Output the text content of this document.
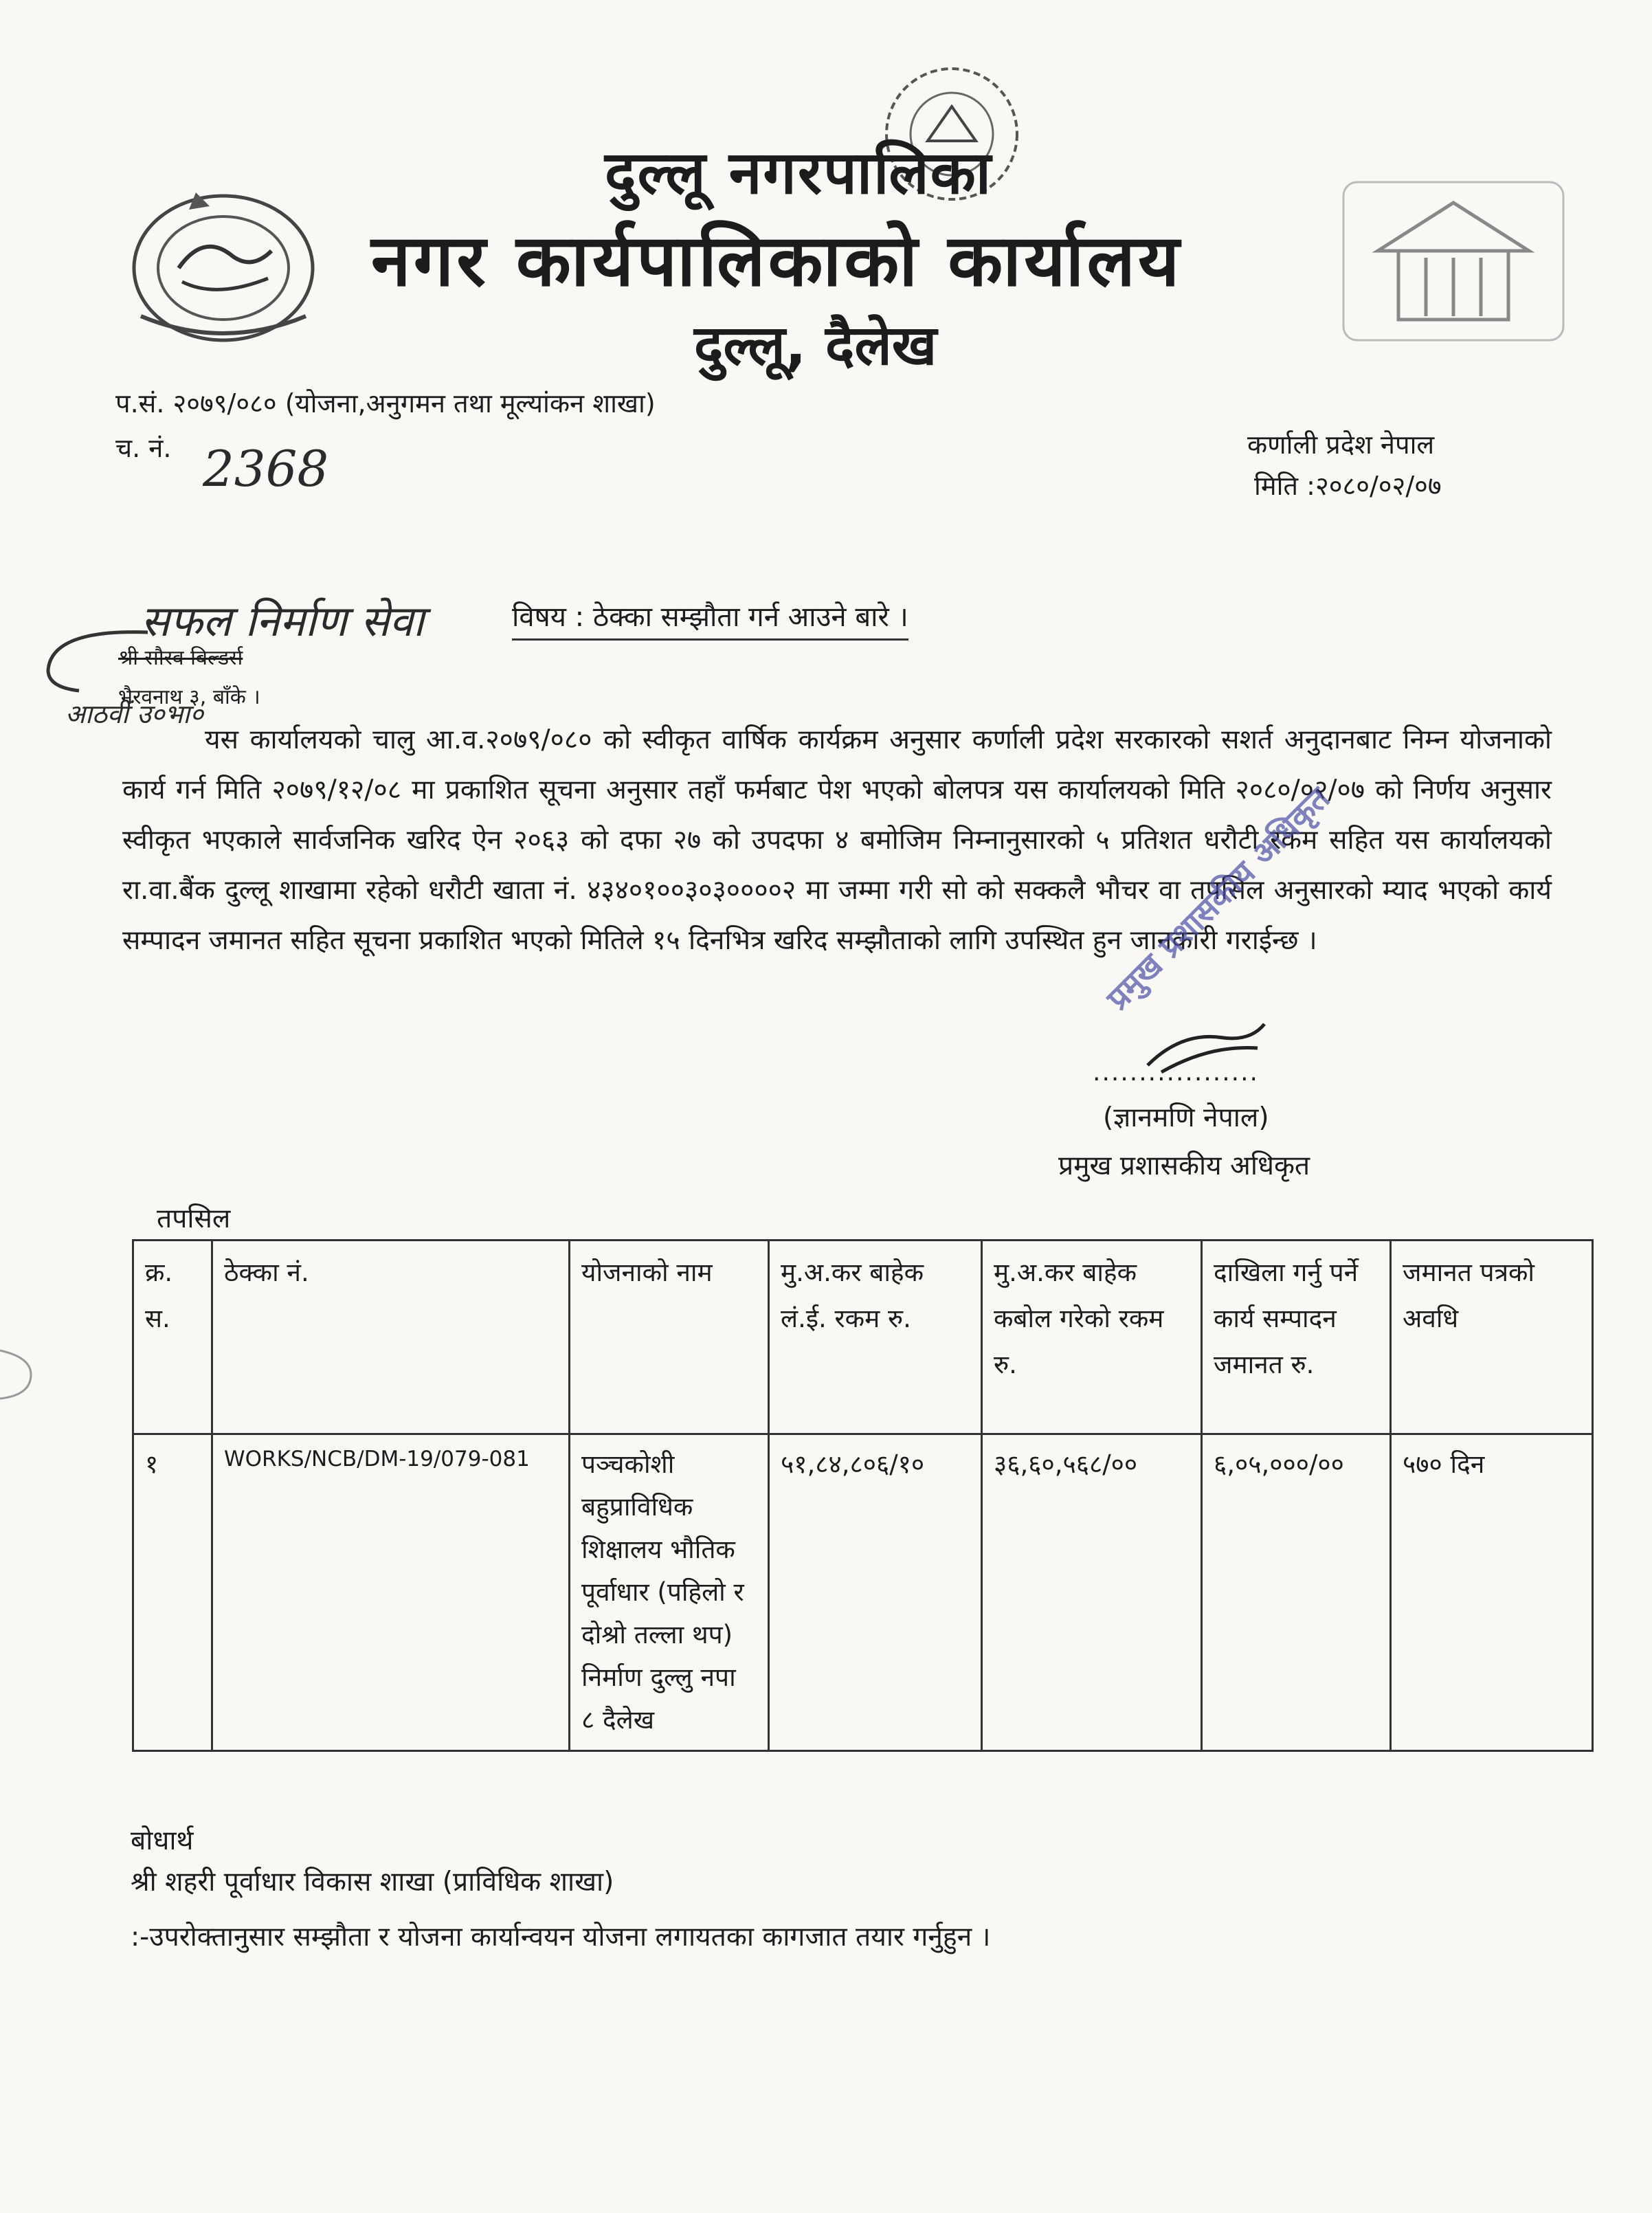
दुल्लू नगरपालिका
नगर कार्यपालिकाको कार्यालय
दुल्लू, दैलेख
प.सं. २०७९/०८० (योजना,अनुगमन तथा मूल्यांकन शाखा)
च. नं. 2368	कर्णाली प्रदेश नेपाल
मिति :२०८०/०२/०७
सफल निर्माण सेवा
श्री सौरव बिल्डर्स
भैरवनाथ ३, बाँके ।
आठवीं उ०भा०
विषय : ठेक्का सम्झौता गर्न आउने बारे ।
यस कार्यालयको चालु आ.व.२०७९/०८० को स्वीकृत वार्षिक कार्यक्रम अनुसार कर्णाली प्रदेश सरकारको सशर्त अनुदानबाट निम्न योजनाको कार्य गर्न मिति २०७९/१२/०८ मा प्रकाशित सूचना अनुसार तहाँ फर्मबाट पेश भएको बोलपत्र यस कार्यालयको मिति २०८०/०२/०७ को निर्णय अनुसार स्वीकृत भएकाले सार्वजनिक खरिद ऐन २०६३ को दफा २७ को उपदफा ४ बमोजिम निम्नानुसारको ५ प्रतिशत धरौटी रकम सहित यस कार्यालयको रा.वा.बैंक दुल्लू शाखामा रहेको धरौटी खाता नं. ४३४०१००३०३००००२ मा जम्मा गरी सो को सक्कलै भौचर वा तपसिल अनुसारको म्याद भएको कार्य सम्पादन जमानत सहित सूचना प्रकाशित भएको मितिले १५ दिनभित्र खरिद सम्झौताको लागि उपस्थित हुन जानकारी गराईन्छ ।
..................
(ज्ञानमणि नेपाल)
प्रमुख प्रशासकीय अधिकृत
प्रमुख प्रशासकीय अधिकृत
तपसिल
क्र. स.	ठेक्का नं.	योजनाको नाम	मु.अ.कर बाहेक लं.ई. रकम रु.	मु.अ.कर बाहेक कबोल गरेको रकम रु.	दाखिला गर्नु पर्ने कार्य सम्पादन जमानत रु.	जमानत पत्रको अवधि
१	WORKS/NCB/DM-19/079-081	पञ्चकोशी बहुप्राविधिक शिक्षालय भौतिक पूर्वाधार (पहिलो र दोश्रो तल्ला थप) निर्माण दुल्लु नपा ८ दैलेख	५१,८४,८०६/१०	३६,६०,५६८/००	६,०५,०००/००	५७० दिन
बोधार्थ
श्री शहरी पूर्वाधार विकास शाखा (प्राविधिक शाखा)
:-उपरोक्तानुसार सम्झौता र योजना कार्यान्वयन योजना लगायतका कागजात तयार गर्नुहुन ।
